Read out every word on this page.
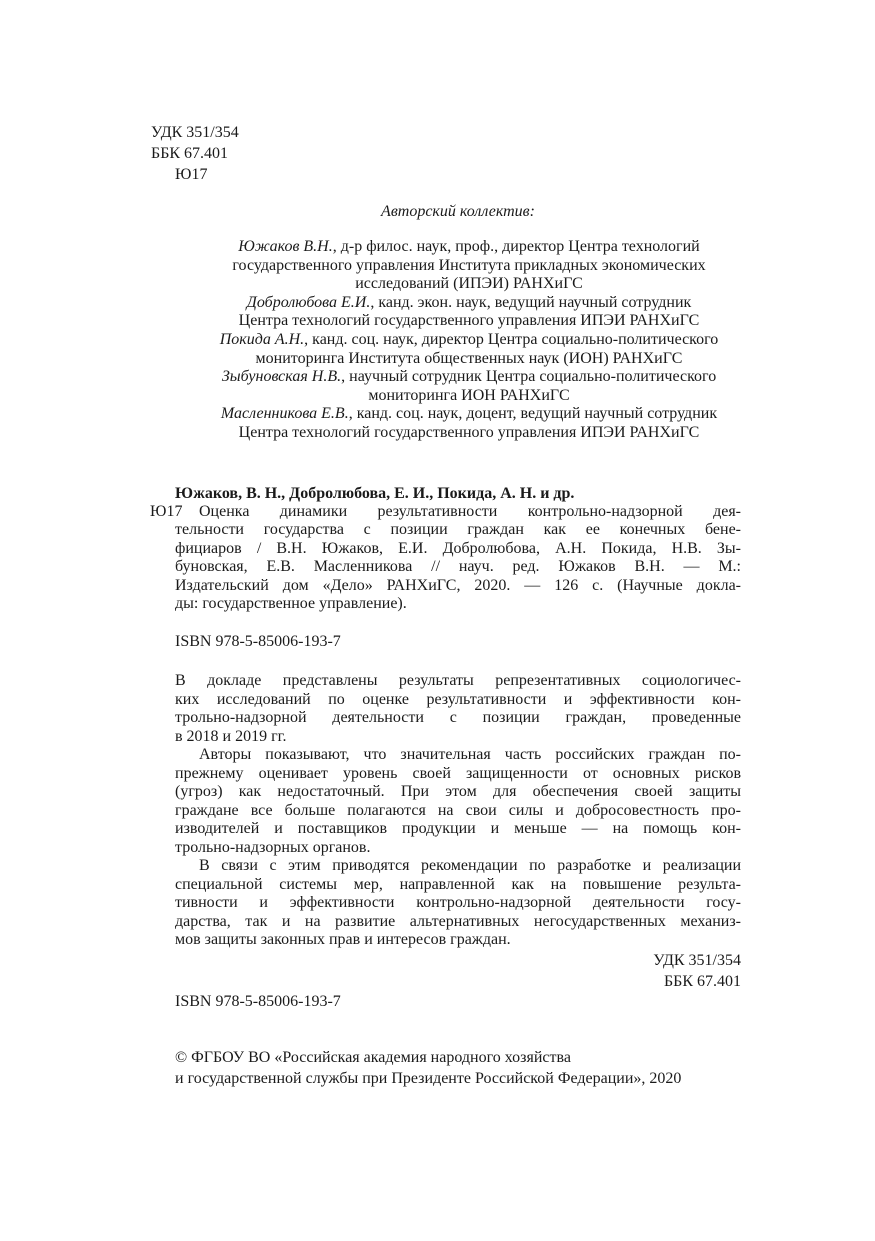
УДК 351/354
ББК 67.401
Ю17
Авторский коллектив:
Южаков В.Н., д-р филос. наук, проф., директор Центра технологий
государственного управления Института прикладных экономических
исследований (ИПЭИ) РАНХиГС
Добролюбова Е.И., канд. экон. наук, ведущий научный сотрудник
Центра технологий государственного управления ИПЭИ РАНХиГС
Покида А.Н., канд. соц. наук, директор Центра социально-политического
мониторинга Института общественных наук (ИОН) РАНХиГС
Зыбуновская Н.В., научный сотрудник Центра социально-политического
мониторинга ИОН РАНХиГС
Масленникова Е.В., канд. соц. наук, доцент, ведущий научный сотрудник
Центра технологий государственного управления ИПЭИ РАНХиГС
Южаков, В. Н., Добролюбова, Е. И., Покида, А. Н. и др.
Ю17	Оценка динамики результативности контрольно-надзорной дея-
тельности государства с позиции граждан как ее конечных бене-
фициаров / В.Н. Южаков, Е.И. Добролюбова, А.Н. Покида, Н.В. Зы-
буновская, Е.В. Масленникова // науч. ред. Южаков В.Н. — М.:
Издательский дом «Дело» РАНХиГС, 2020. — 126 с. (Научные докла-
ды: государственное управление).
ISBN 978-5-85006-193-7
В докладе представлены результаты репрезентативных социологичес-
ких исследований по оценке результативности и эффективности кон-
трольно-надзорной деятельности с позиции граждан, проведенные
в 2018 и 2019 гг.
Авторы показывают, что значительная часть российских граждан по-
прежнему оценивает уровень своей защищенности от основных рисков
(угроз) как недостаточный. При этом для обеспечения своей защиты
граждане все больше полагаются на свои силы и добросовестность про-
изводителей и поставщиков продукции и меньше — на помощь кон-
трольно-надзорных органов.
В связи с этим приводятся рекомендации по разработке и реализации
специальной системы мер, направленной как на повышение результа-
тивности и эффективности контрольно-надзорной деятельности госу-
дарства, так и на развитие альтернативных негосударственных механиз-
мов защиты законных прав и интересов граждан.
УДК 351/354
ББК 67.401
ISBN 978-5-85006-193-7
© ФГБОУ ВО «Российская академия народного хозяйства
и государственной службы при Президенте Российской Федерации», 2020
